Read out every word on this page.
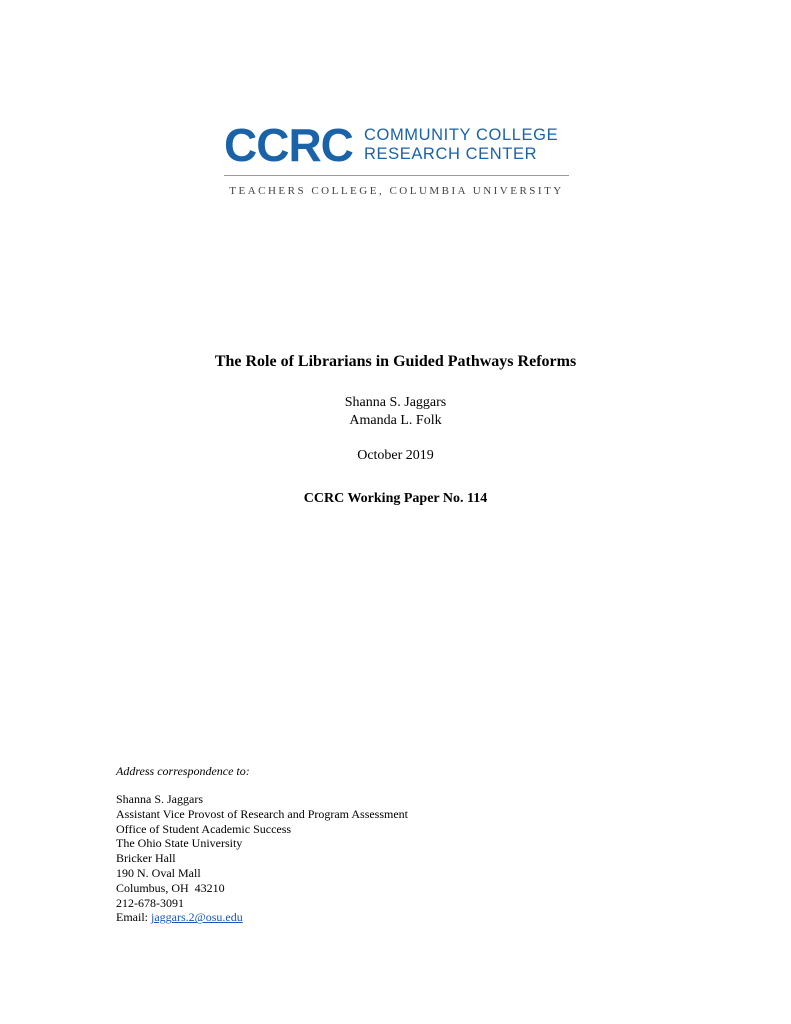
CCRC COMMUNITY COLLEGE
RESEARCH CENTER
TEACHERS COLLEGE, COLUMBIA UNIVERSITY
The Role of Librarians in Guided Pathways Reforms
Shanna S. Jaggars
Amanda L. Folk
October 2019
CCRC Working Paper No. 114
Address correspondence to:
Shanna S. Jaggars
Assistant Vice Provost of Research and Program Assessment
Office of Student Academic Success
The Ohio State University
Bricker Hall
190 N. Oval Mall
Columbus, OH  43210
212-678-3091
Email: jaggars.2@osu.edu
